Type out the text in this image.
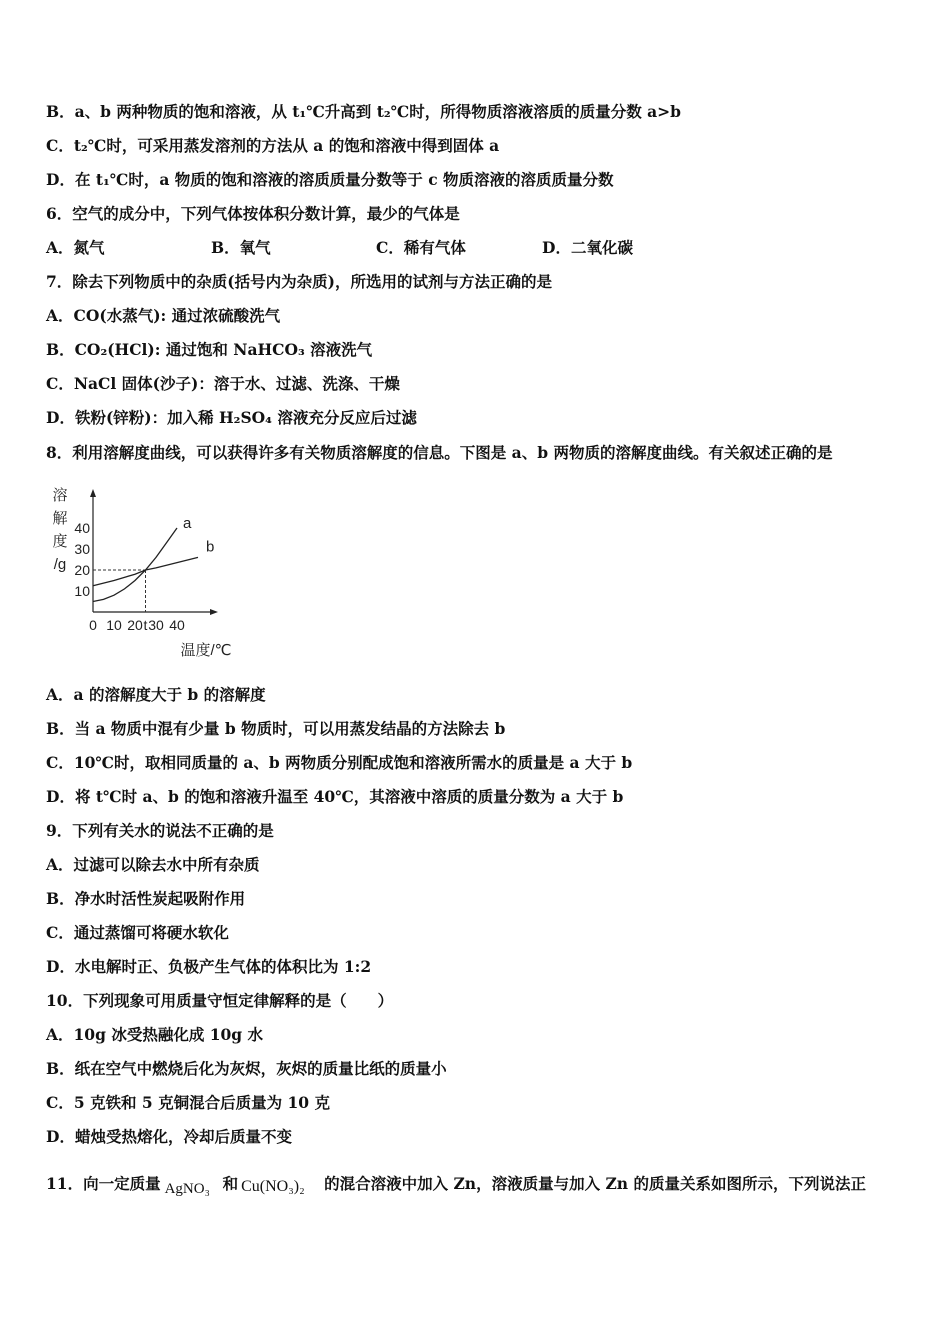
B．a、b 两种物质的饱和溶液，从 t₁℃升高到 t₂℃时，所得物质溶液溶质的质量分数 a>b
C．t₂℃时，可采用蒸发溶剂的方法从 a 的饱和溶液中得到固体 a
D．在 t₁℃时，a 物质的饱和溶液的溶质质量分数等于 c 物质溶液的溶质质量分数
6．空气的成分中，下列气体按体积分数计算，最少的气体是
A．氮气	B．氧气	C．稀有气体	D．二氧化碳
7．除去下列物质中的杂质(括号内为杂质)，所选用的试剂与方法正确的是
A．CO(水蒸气): 通过浓硫酸洗气
B．CO₂(HCl): 通过饱和 NaHCO₃ 溶液洗气
C．NaCl 固体(沙子)：溶于水、过滤、洗涤、干燥
D．铁粉(锌粉)：加入稀 H₂SO₄ 溶液充分反应后过滤
8．利用溶解度曲线，可以获得许多有关物质溶解度的信息。下图是 a、b 两物质的溶解度曲线。有关叙述正确的是
10
20
30
40
0 10 20 t 30 40
溶
解
度
/g
温度/℃
a
b
A．a 的溶解度大于 b 的溶解度
B．当 a 物质中混有少量 b 物质时，可以用蒸发结晶的方法除去 b
C．10℃时，取相同质量的 a、b 两物质分别配成饱和溶液所需水的质量是 a 大于 b
D．将 t℃时 a、b 的饱和溶液升温至 40℃，其溶液中溶质的质量分数为 a 大于 b
9．下列有关水的说法不正确的是
A．过滤可以除去水中所有杂质
B．净水时活性炭起吸附作用
C．通过蒸馏可将硬水软化
D．水电解时正、负极产生气体的体积比为 1:2
10．下列现象可用质量守恒定律解释的是（　　）
A．10g 冰受热融化成 10g 水
B．纸在空气中燃烧后化为灰烬，灰烬的质量比纸的质量小
C．5 克铁和 5 克铜混合后质量为 10 克
D．蜡烛受热熔化，冷却后质量不变
11．向一定质量 AgNO₃ 和 Cu(NO₃)₂ 的混合溶液中加入 Zn，溶液质量与加入 Zn 的质量关系如图所示，下列说法正
